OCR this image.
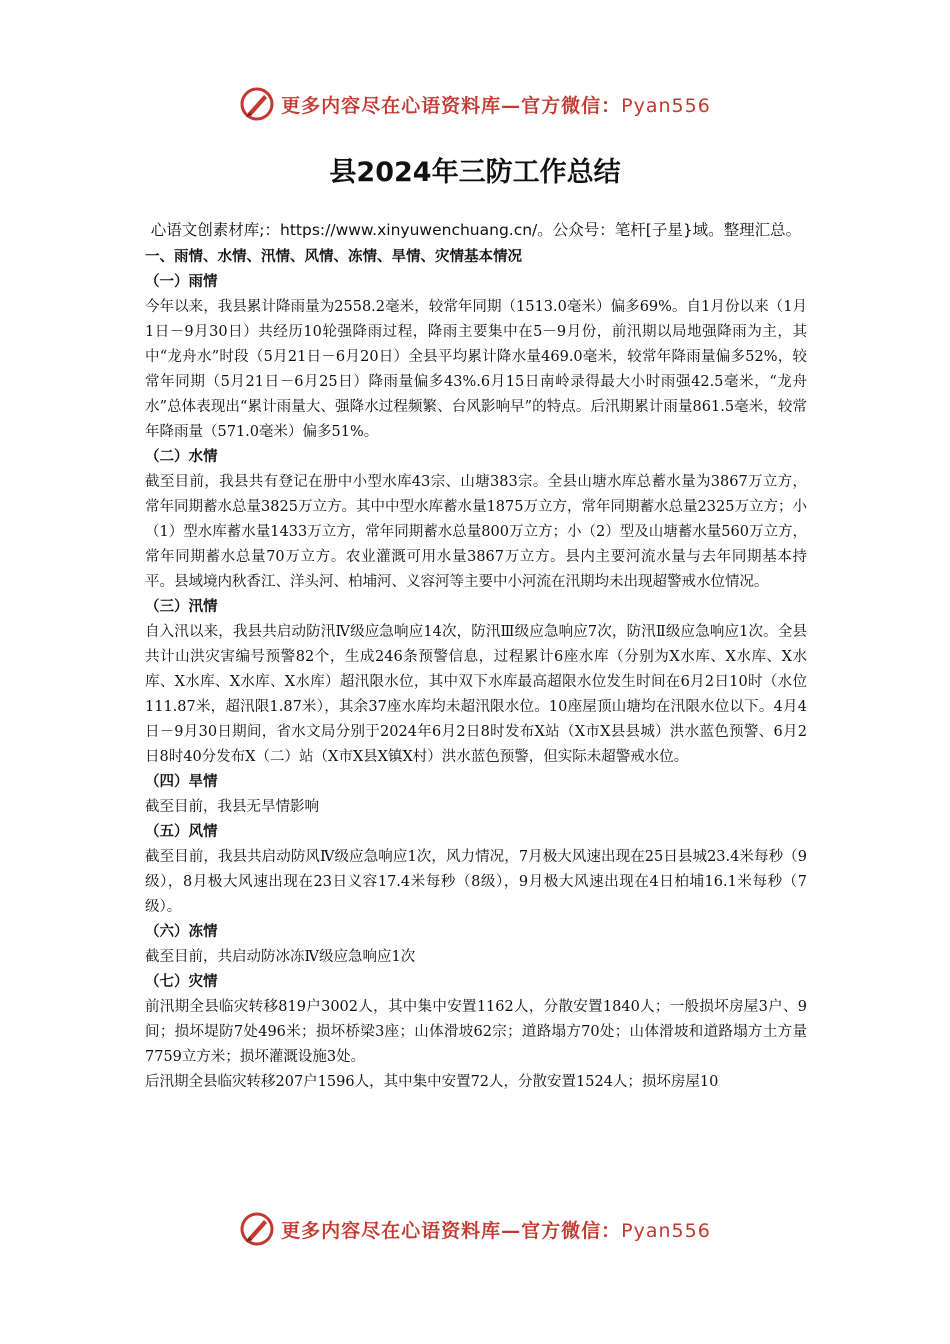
更多内容尽在心语资料库—官方微信：Pyan556
县2024年三防工作总结

心语文创素材库;：https://www.xinyuwenchuang.cn/。公众号：笔杆[子星}域。整理汇总。

一、雨情、水情、汛情、风情、冻情、旱情、灾情基本情况

（一）雨情

今年以来，我县累计降雨量为2558.2毫米，较常年同期（1513.0毫米）偏多69%。自1月份以来（1月1日－9月30日）共经历10轮强降雨过程，降雨主要集中在5－9月份，前汛期以局地强降雨为主，其中“龙舟水”时段（5月21日－6月20日）全县平均累计降水量469.0毫米，较常年降雨量偏多52%，较常年同期（5月21日－6月25日）降雨量偏多43%.6月15日南岭录得最大小时雨强42.5毫米，“龙舟水”总体表现出“累计雨量大、强降水过程频繁、台风影响早”的特点。后汛期累计雨量861.5毫米，较常年降雨量（571.0毫米）偏多51%。

（二）水情

截至目前，我县共有登记在册中小型水库43宗、山塘383宗。全县山塘水库总蓄水量为3867万立方，常年同期蓄水总量3825万立方。其中中型水库蓄水量1875万立方，常年同期蓄水总量2325万立方；小（1）型水库蓄水量1433万立方，常年同期蓄水总量800万立方；小（2）型及山塘蓄水量560万立方，常年同期蓄水总量70万立方。农业灌溉可用水量3867万立方。县内主要河流水量与去年同期基本持平。县域境内秋香江、洋头河、柏埔河、义容河等主要中小河流在汛期均未出现超警戒水位情况。

（三）汛情

自入汛以来，我县共启动防汛Ⅳ级应急响应14次，防汛Ⅲ级应急响应7次，防汛Ⅱ级应急响应1次。全县共计山洪灾害编号预警82个，生成246条预警信息，过程累计6座水库（分别为X水库、X水库、X水库、X水库、X水库、X水库）超汛限水位，其中双下水库最高超限水位发生时间在6月2日10时（水位111.87米，超汛限1.87米），其余37座水库均未超汛限水位。10座屋顶山塘均在汛限水位以下。4月4日－9月30日期间，省水文局分别于2024年6月2日8时发布X站（X市X县县城）洪水蓝色预警、6月2日8时40分发布X（二）站（X市X县X镇X村）洪水蓝色预警，但实际未超警戒水位。

（四）旱情

截至目前，我县无旱情影响

（五）风情

截至目前，我县共启动防风Ⅳ级应急响应1次，风力情况，7月极大风速出现在25日县城23.4米每秒（9级），8月极大风速出现在23日义容17.4米每秒（8级），9月极大风速出现在4日柏埔16.1米每秒（7级）。

（六）冻情

截至目前，共启动防冰冻Ⅳ级应急响应1次

（七）灾情

前汛期全县临灾转移819户3002人，其中集中安置1162人，分散安置1840人；一般损坏房屋3户、9间；损坏堤防7处496米；损坏桥梁3座；山体滑坡62宗；道路塌方70处；山体滑坡和道路塌方土方量7759立方米；损坏灌溉设施3处。

后汛期全县临灾转移207户1596人，其中集中安置72人，分散安置1524人；损坏房屋10

更多内容尽在心语资料库—官方微信：Pyan556
